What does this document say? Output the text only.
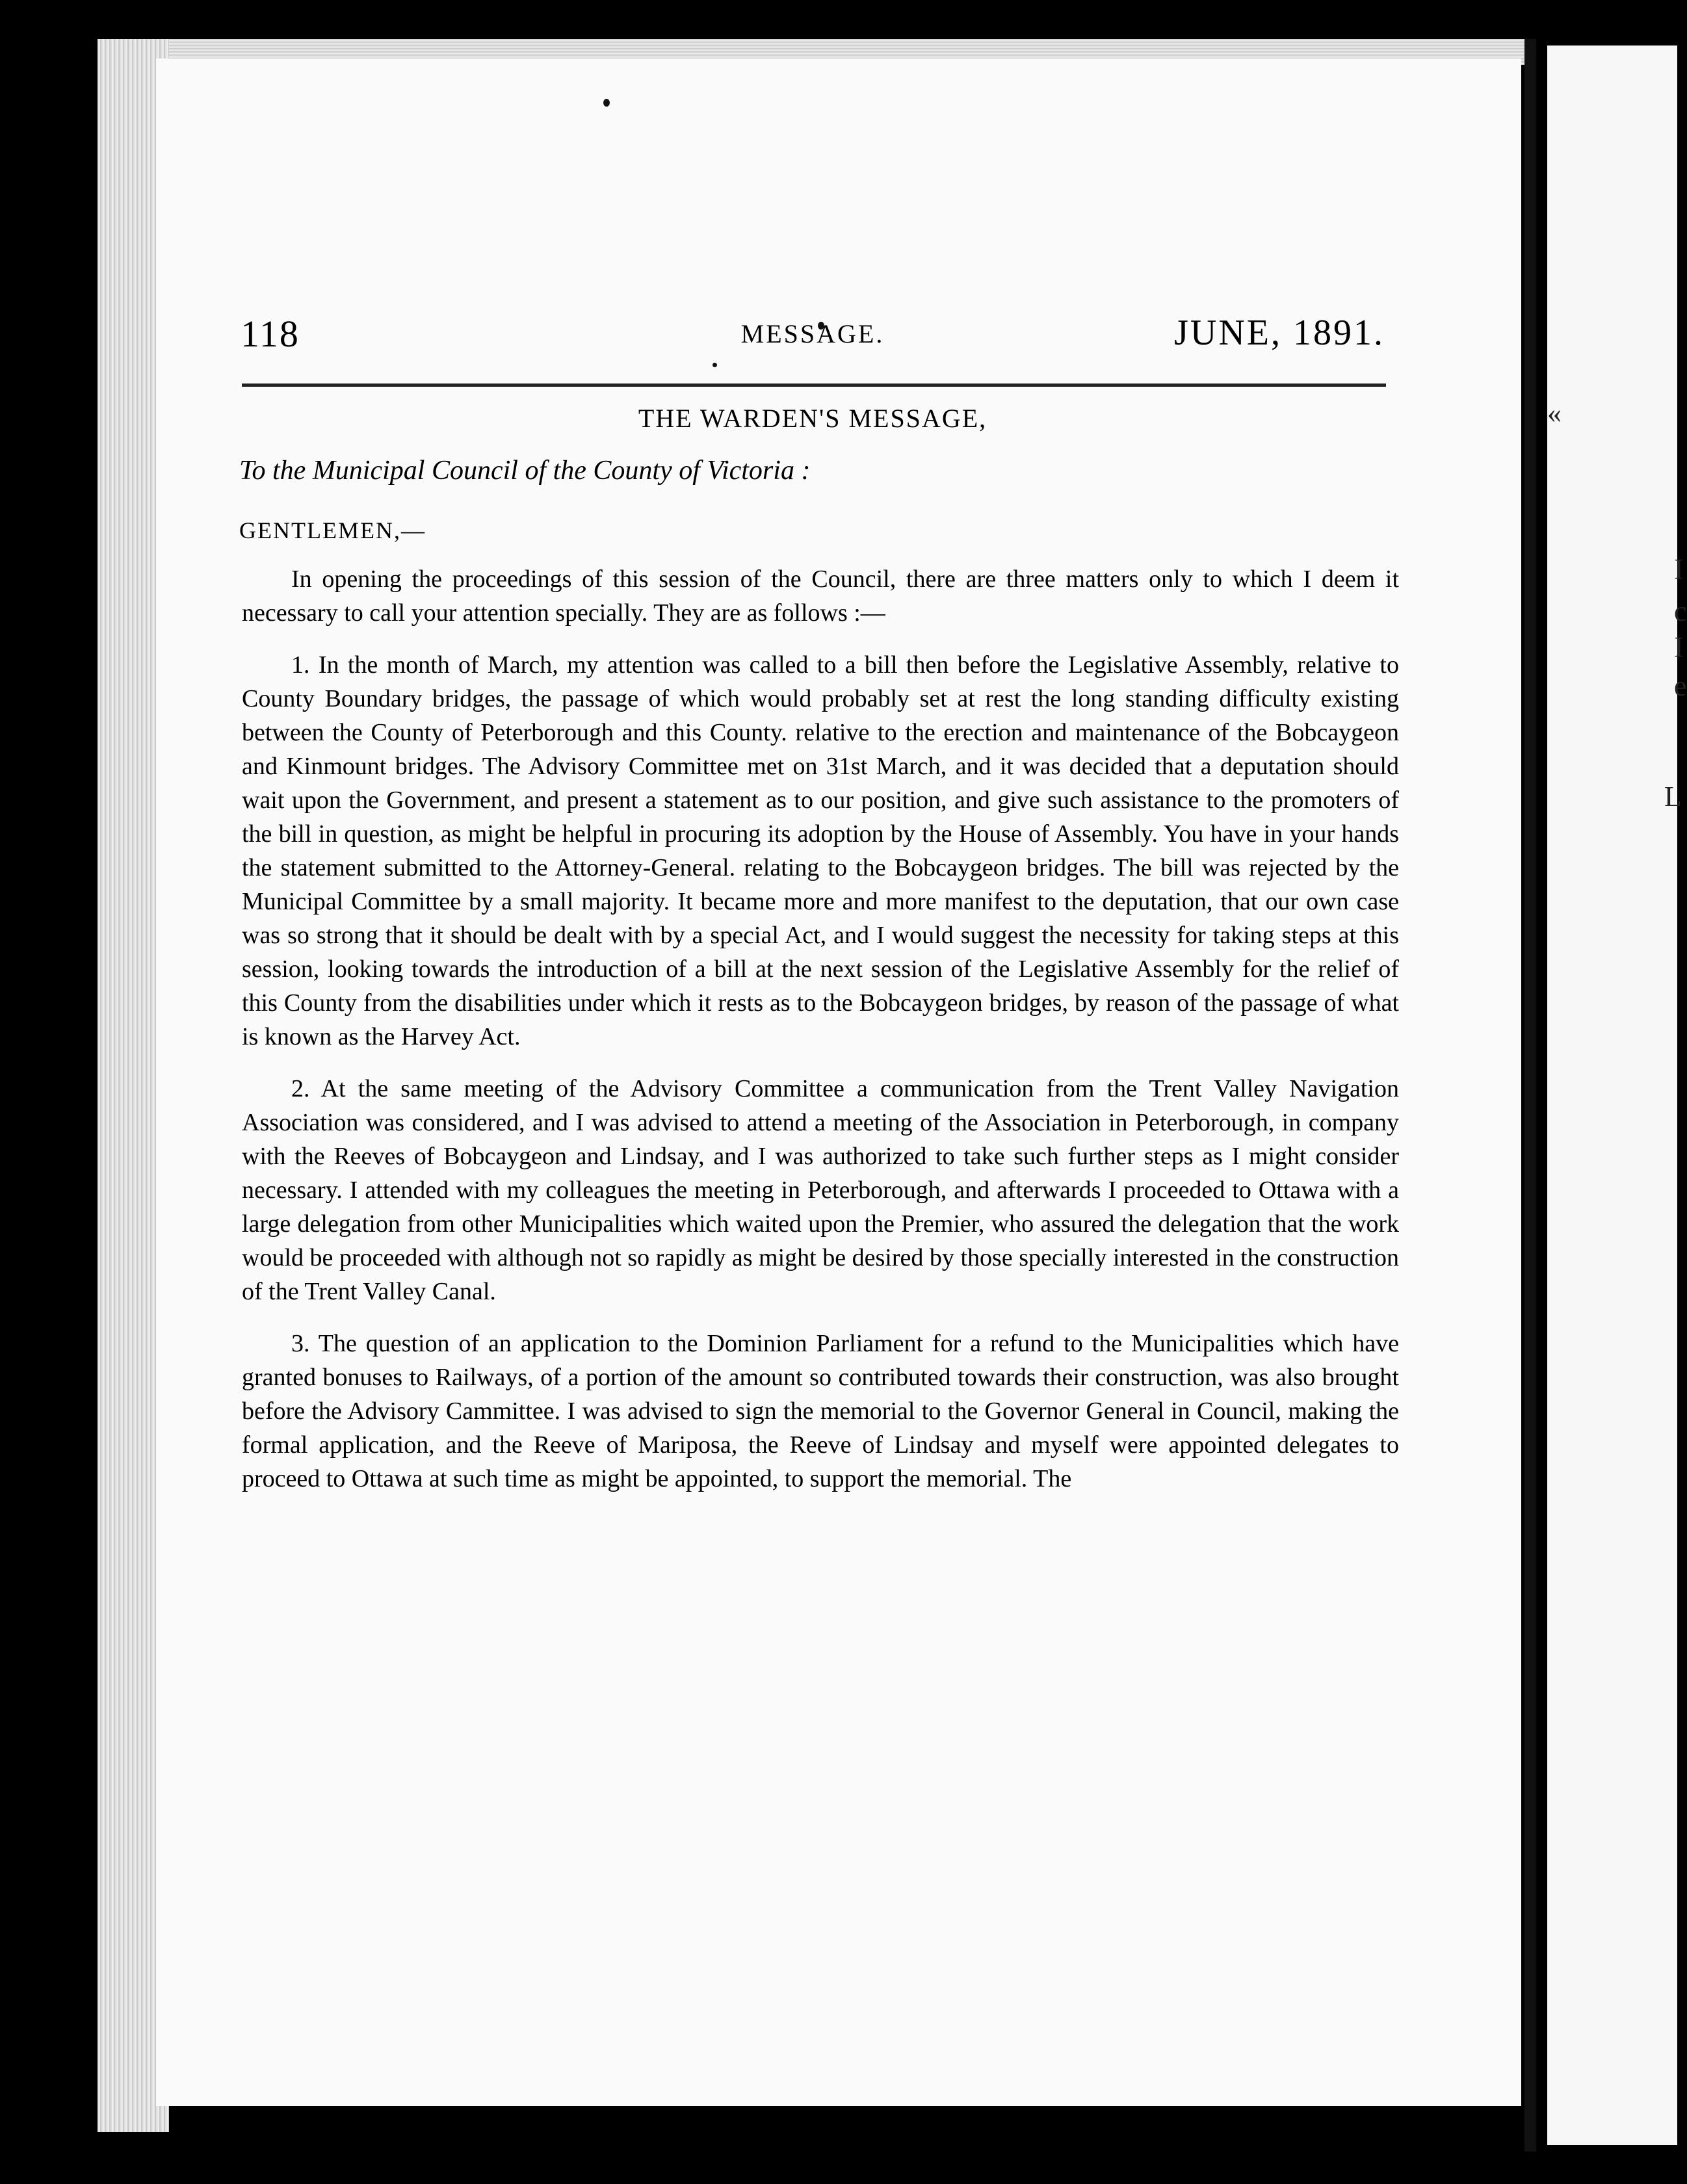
118	MESSAGE.	JUNE, 1891.
THE WARDEN'S MESSAGE,
To the Municipal Council of the County of Victoria :
GENTLEMEN,—

In opening the proceedings of this session of the Council, there are three matters only to which I deem it necessary to call your attention specially. They are as follows :—

1. In the month of March, my attention was called to a bill then before the Legislative Assembly, relative to County Boundary bridges, the passage of which would probably set at rest the long standing difficulty existing between the County of Peterborough and this County. relative to the erection and maintenance of the Bobcaygeon and Kinmount bridges. The Advisory Committee met on 31st March, and it was decided that a deputation should wait upon the Government, and present a statement as to our position, and give such assistance to the promoters of the bill in question, as might be helpful in procuring its adoption by the House of Assembly. You have in your hands the statement submitted to the Attorney-General. relating to the Bobcaygeon bridges. The bill was rejected by the Municipal Committee by a small majority. It became more and more manifest to the deputation, that our own case was so strong that it should be dealt with by a special Act, and I would suggest the necessity for taking steps at this session, looking towards the introduction of a bill at the next session of the Legislative Assembly for the relief of this County from the disabilities under which it rests as to the Bobcaygeon bridges, by reason of the passage of what is known as the Harvey Act.

2. At the same meeting of the Advisory Committee a communication from the Trent Valley Navigation Association was considered, and I was advised to attend a meeting of the Association in Peterborough, in company with the Reeves of Bobcaygeon and Lindsay, and I was authorized to take such further steps as I might consider necessary. I attended with my colleagues the meeting in Peterborough, and afterwards I proceeded to Ottawa with a large delegation from other Municipalities which waited upon the Premier, who assured the delegation that the work would be proceeded with although not so rapidly as might be desired by those specially interested in the construction of the Trent Valley Canal.

3. The question of an application to the Dominion Parliament for a refund to the Municipalities which have granted bonuses to Railways, of a portion of the amount so contributed towards their construction, was also brought before the Advisory Cammittee. I was advised to sign the memorial to the Governor General in Council, making the formal application, and the Reeve of Mariposa, the Reeve of Lindsay and myself were appointed delegates to proceed to Ottawa at such time as might be appointed, to support the memorial. The

«
I
c
I
e
L
